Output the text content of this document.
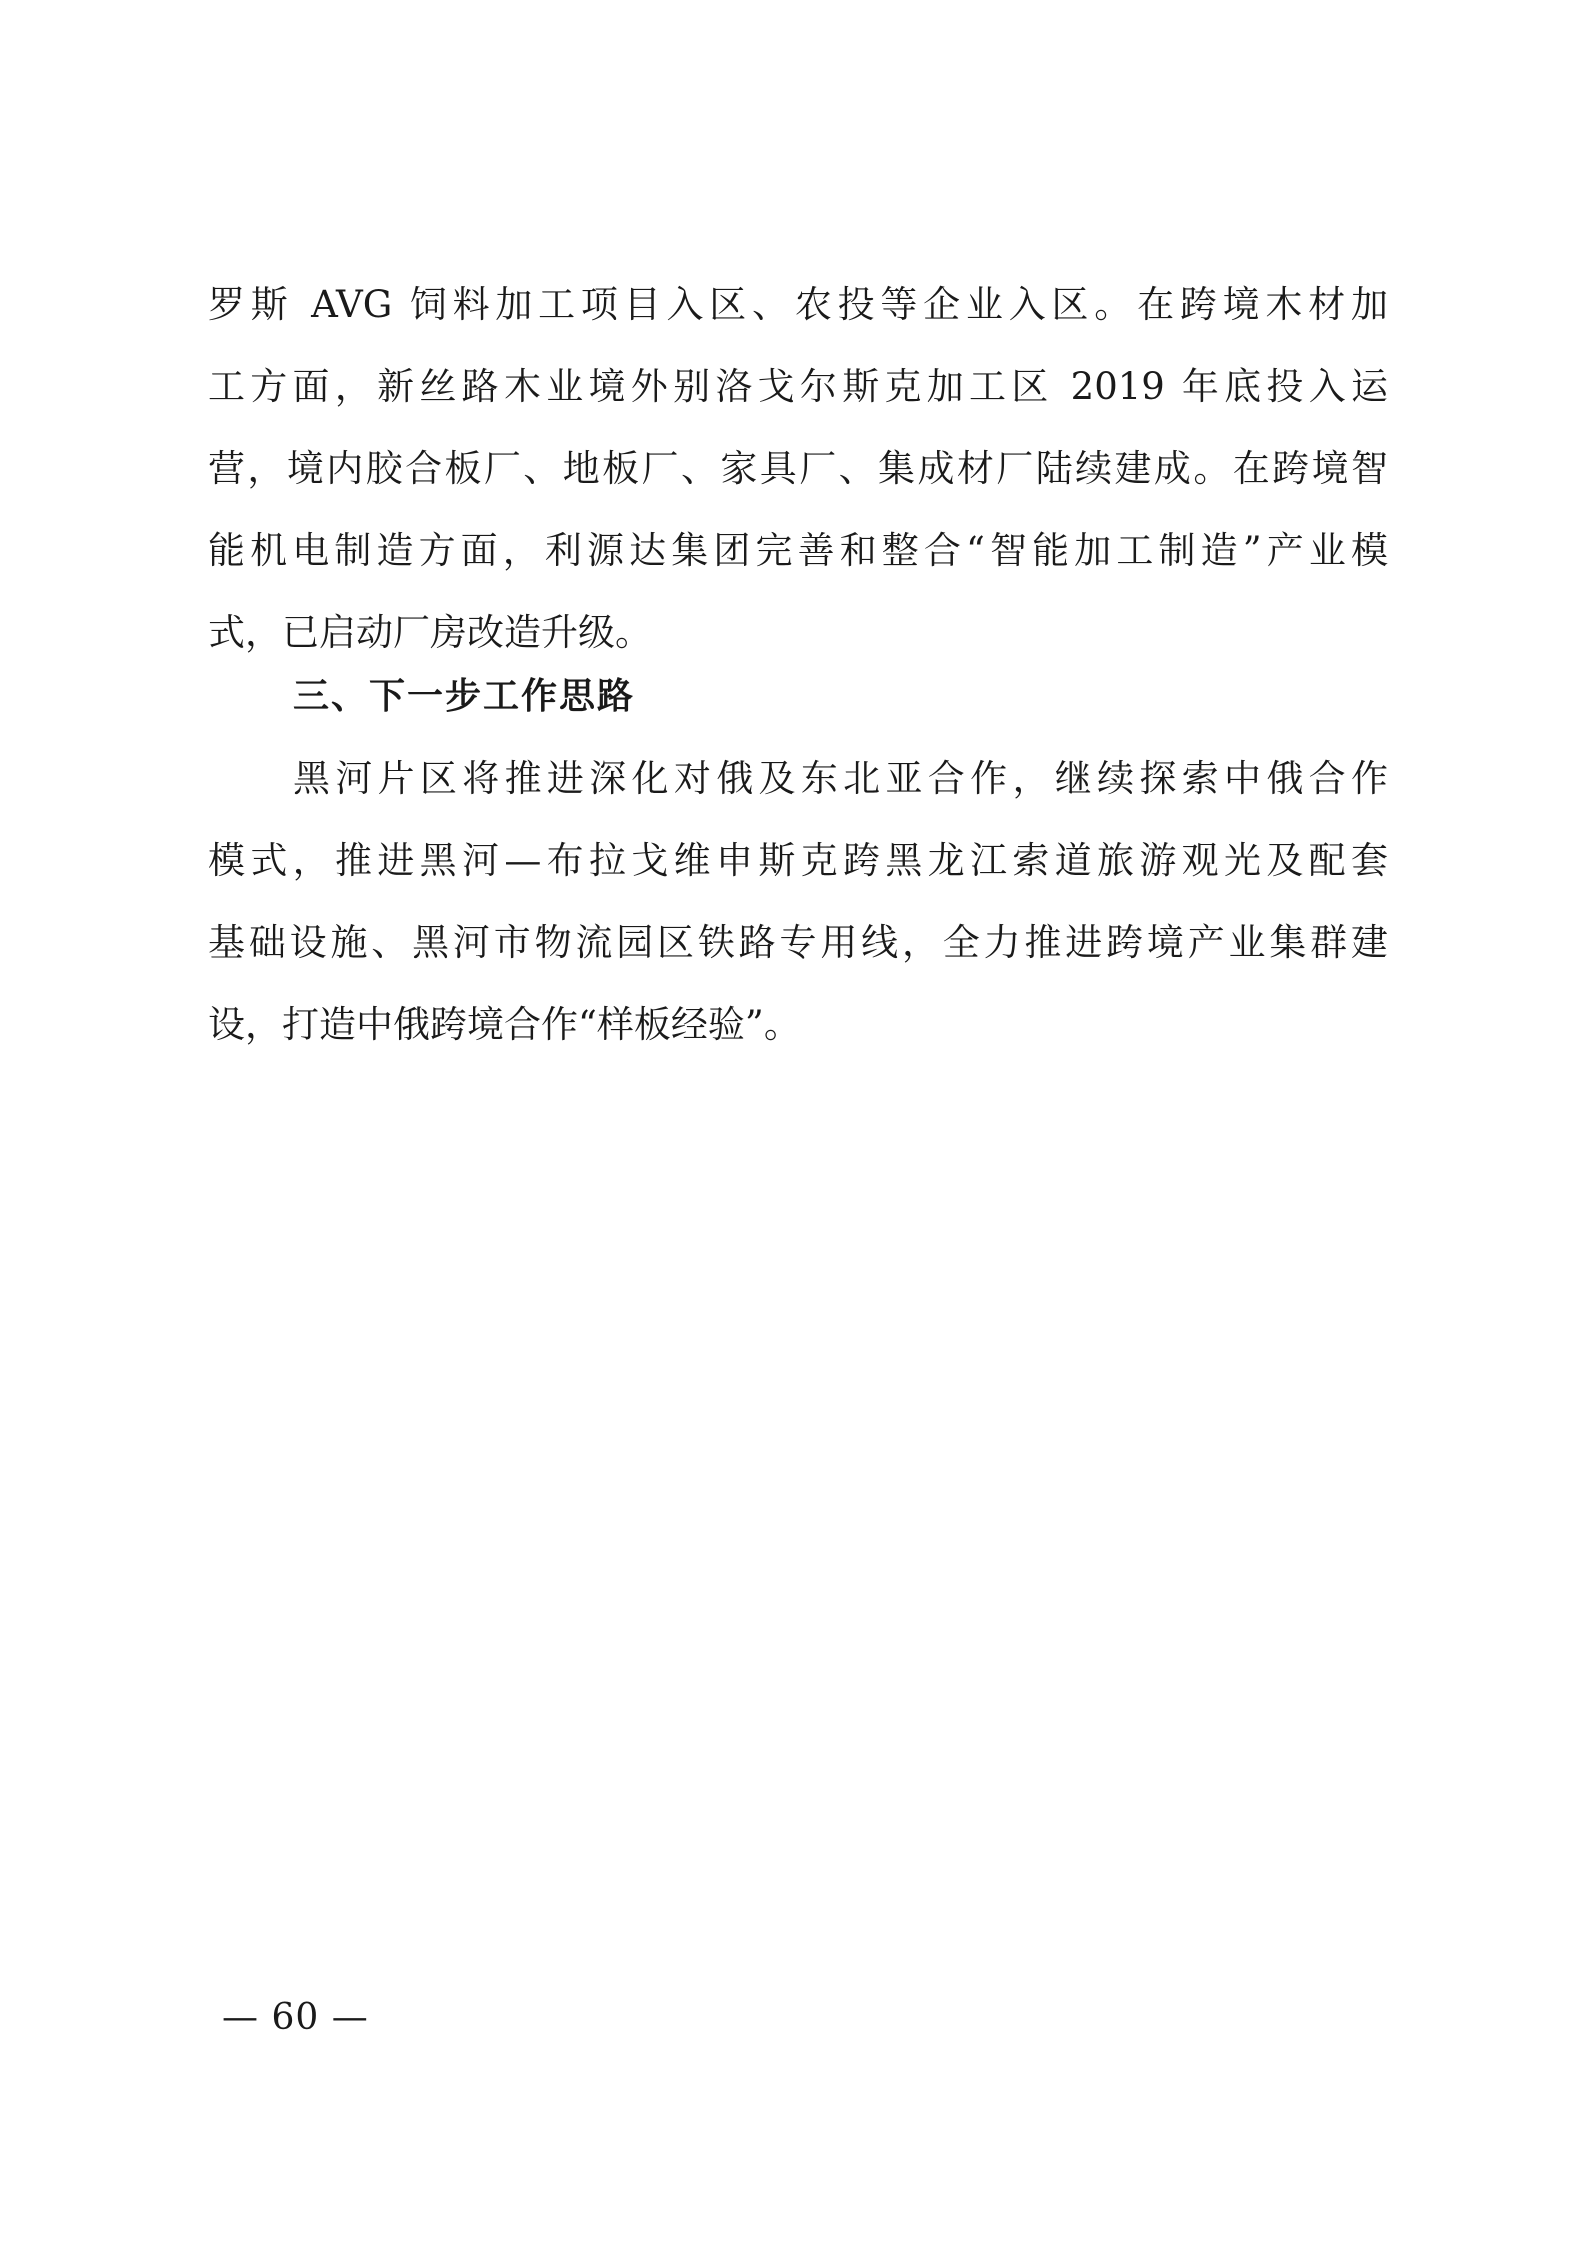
罗斯 AVG 饲料加工项目入区、农投等企业入区。在跨境木材加
工方面，新丝路木业境外别洛戈尔斯克加工区 2019 年底投入运
营，境内胶合板厂、地板厂、家具厂、集成材厂陆续建成。在跨境智
能机电制造方面，利源达集团完善和整合“智能加工制造”产业模
式，已启动厂房改造升级。
三、下一步工作思路
黑河片区将推进深化对俄及东北亚合作，继续探索中俄合作
模式，推进黑河—布拉戈维申斯克跨黑龙江索道旅游观光及配套
基础设施、黑河市物流园区铁路专用线，全力推进跨境产业集群建
设，打造中俄跨境合作“样板经验”。
— 60 —
